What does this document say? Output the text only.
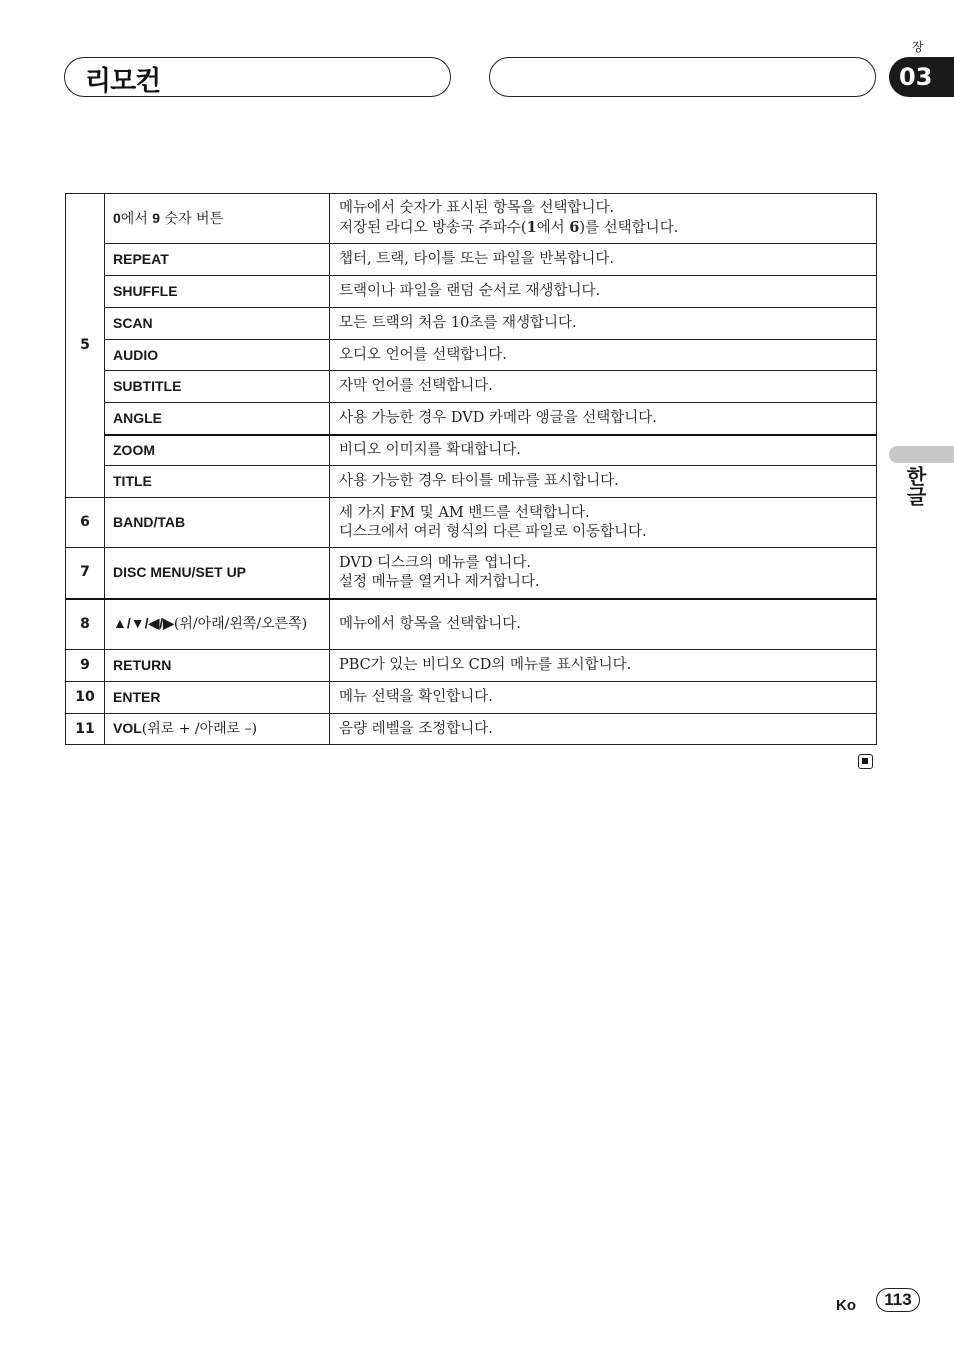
리모컨
장
03
한글
5	0에서 9 숫자 버튼	메뉴에서 숫자가 표시된 항목을 선택합니다.
저장된 라디오 방송국 주파수(1에서 6)를 선택합니다.

	REPEAT	챕터, 트랙, 타이틀 또는 파일을 반복합니다.

	SHUFFLE	트랙이나 파일을 랜덤 순서로 재생합니다.

	SCAN	모든 트랙의 처음 10초를 재생합니다.

	AUDIO	오디오 언어를 선택합니다.

	SUBTITLE	자막 언어를 선택합니다.

	ANGLE	사용 가능한 경우 DVD 카메라 앵글을 선택합니다.

	ZOOM	비디오 이미지를 확대합니다.

	TITLE	사용 가능한 경우 타이틀 메뉴를 표시합니다.

6	BAND/TAB	세 가지 FM 및 AM 밴드를 선택합니다.
디스크에서 여러 형식의 다른 파일로 이동합니다.

7	DISC MENU/SET UP	DVD 디스크의 메뉴를 엽니다.
설정 메뉴를 열거나 제거합니다.

8	▲/▼/◀/▶(위/아래/왼쪽/오른쪽)	메뉴에서 항목을 선택합니다.

9	RETURN	PBC가 있는 비디오 CD의 메뉴를 표시합니다.

10	ENTER	메뉴 선택을 확인합니다.

11	VOL(위로 + /아래로 –)	음량 레벨을 조정합니다.
Ko	113
